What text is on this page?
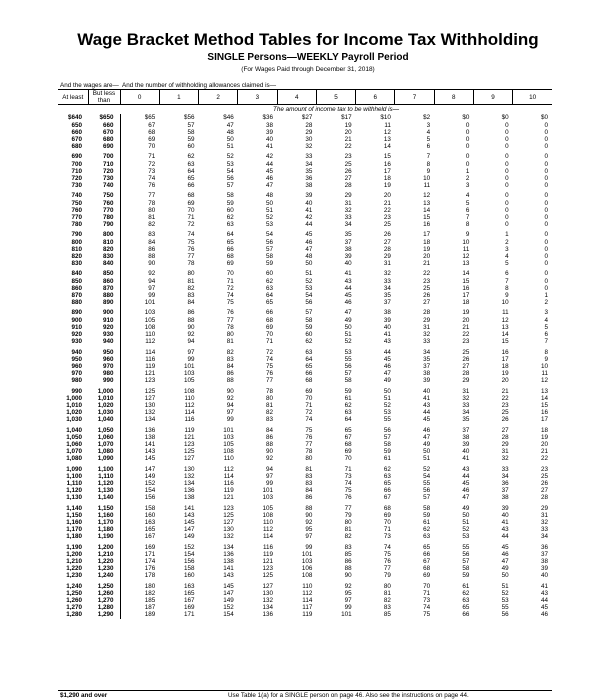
Wage Bracket Method Tables for Income Tax Withholding
SINGLE Persons—WEEKLY Payroll Period
(For Wages Paid through December 31, 2018)
And the wages are—		And the number of withholding allowances claimed is—										
At least	But less than	0	1	2	3	4	5	6	7	8	9	10
		The amount of income tax to be withheld is—										
$640	$650	$65	$56	$46	$36	$27	$17	$10	$2	$0	$0	$0
650	660	67	57	47	38	28	19	11	3	0	0	0
660	670	68	58	48	39	29	20	12	4	0	0	0
670	680	69	59	50	40	30	21	13	5	0	0	0
680	690	70	60	51	41	32	22	14	6	0	0	0
690	700	71	62	52	42	33	23	15	7	0	0	0
700	710	72	63	53	44	34	25	16	8	0	0	0
710	720	73	64	54	45	35	26	17	9	1	0	0
720	730	74	65	56	46	36	27	18	10	2	0	0
730	740	76	66	57	47	38	28	19	11	3	0	0
740	750	77	68	58	48	39	29	20	12	4	0	0
750	760	78	69	59	50	40	31	21	13	5	0	0
760	770	80	70	60	51	41	32	22	14	6	0	0
770	780	81	71	62	52	42	33	23	15	7	0	0
780	790	82	72	63	53	44	34	25	16	8	0	0
790	800	83	74	64	54	45	35	26	17	9	1	0
800	810	84	75	65	56	46	37	27	18	10	2	0
810	820	86	76	66	57	47	38	28	19	11	3	0
820	830	88	77	68	58	48	39	29	20	12	4	0
830	840	90	78	69	59	50	40	31	21	13	5	0
840	850	92	80	70	60	51	41	32	22	14	6	0
850	860	94	81	71	62	52	43	33	23	15	7	0
860	870	97	82	72	63	53	44	34	25	16	8	0
870	880	99	83	74	64	54	45	35	26	17	9	1
880	890	101	84	75	65	56	46	37	27	18	10	2
890	900	103	86	76	66	57	47	38	28	19	11	3
900	910	105	88	77	68	58	49	39	29	20	12	4
910	920	108	90	78	69	59	50	40	31	21	13	5
920	930	110	92	80	70	60	51	41	32	22	14	6
930	940	112	94	81	71	62	52	43	33	23	15	7
940	950	114	97	82	72	63	53	44	34	25	16	8
950	960	116	99	83	74	64	55	45	35	26	17	9
960	970	119	101	84	75	65	56	46	37	27	18	10
970	980	121	103	86	76	66	57	47	38	28	19	11
980	990	123	105	88	77	68	58	49	39	29	20	12
990	1,000	125	108	90	78	69	59	50	40	31	21	13
1,000	1,010	127	110	92	80	70	61	51	41	32	22	14
1,010	1,020	130	112	94	81	71	62	52	43	33	23	15
1,020	1,030	132	114	97	82	72	63	53	44	34	25	16
1,030	1,040	134	116	99	83	74	64	55	45	35	26	17
1,040	1,050	136	119	101	84	75	65	56	46	37	27	18
1,050	1,060	138	121	103	86	76	67	57	47	38	28	19
1,060	1,070	141	123	105	88	77	68	58	49	39	29	20
1,070	1,080	143	125	108	90	78	69	59	50	40	31	21
1,080	1,090	145	127	110	92	80	70	61	51	41	32	22
1,090	1,100	147	130	112	94	81	71	62	52	43	33	23
1,100	1,110	149	132	114	97	83	73	63	54	44	34	25
1,110	1,120	152	134	116	99	83	74	65	55	45	36	26
1,120	1,130	154	136	119	101	84	75	66	56	46	37	27
1,130	1,140	156	138	121	103	86	76	67	57	47	38	28
1,140	1,150	158	141	123	105	88	77	68	58	49	39	29
1,150	1,160	160	143	125	108	90	79	69	59	50	40	31
1,160	1,170	163	145	127	110	92	80	70	61	51	41	32
1,170	1,180	165	147	130	112	95	81	71	62	52	43	33
1,180	1,190	167	149	132	114	97	82	73	63	53	44	34
1,190	1,200	169	152	134	116	99	83	74	65	55	45	36
1,200	1,210	171	154	136	119	101	85	75	66	56	46	37
1,210	1,220	174	156	138	121	103	86	76	67	57	47	38
1,220	1,230	176	158	141	123	106	88	77	68	58	49	39
1,230	1,240	178	160	143	125	108	90	79	69	59	50	40
1,240	1,250	180	163	145	127	110	92	80	70	61	51	41
1,250	1,260	182	165	147	130	112	95	81	71	62	52	43
1,260	1,270	185	167	149	132	114	97	82	73	63	53	44
1,270	1,280	187	169	152	134	117	99	83	74	65	55	45
1,280	1,290	189	171	154	136	119	101	85	75	66	56	46
$1,290 and over	Use Table 1(a) for a SINGLE person on page 46. Also see the instructions on page 44.
